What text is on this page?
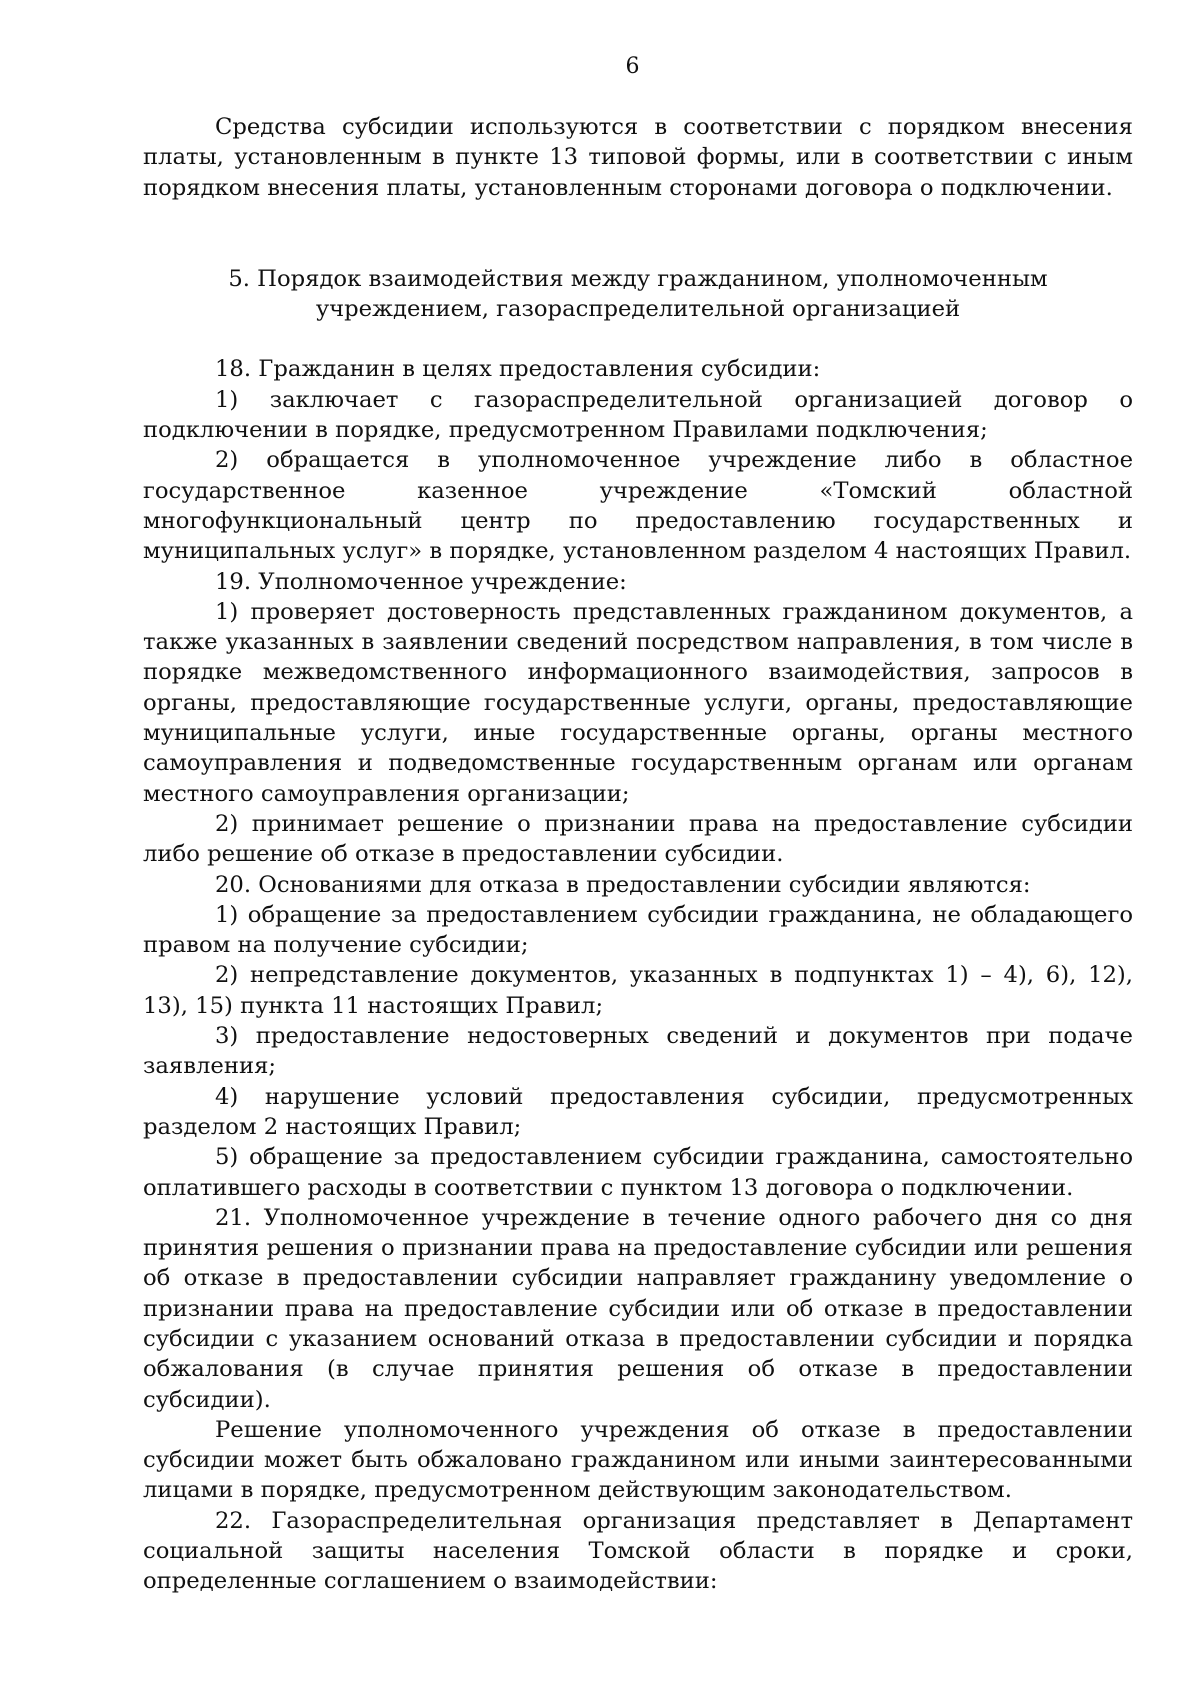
6

Средства субсидии используются в соответствии с порядком внесения платы, установленным в пункте 13 типовой формы, или в соответствии с иным порядком внесения платы, установленным сторонами договора о подключении.

5. Порядок взаимодействия между гражданином, уполномоченным
учреждением, газораспределительной организацией

18. Гражданин в целях предоставления субсидии:

1) заключает с газораспределительной организацией договор о подключении в порядке, предусмотренном Правилами подключения;

2) обращается в уполномоченное учреждение либо в областное государственное казенное учреждение «Томский областной многофункциональный центр по предоставлению государственных и муниципальных услуг» в порядке, установленном разделом 4 настоящих Правил.

19. Уполномоченное учреждение:

1) проверяет достоверность представленных гражданином документов, а также указанных в заявлении сведений посредством направления, в том числе в порядке межведомственного информационного взаимодействия, запросов в органы, предоставляющие государственные услуги, органы, предоставляющие муниципальные услуги, иные государственные органы, органы местного самоуправления и подведомственные государственным органам или органам местного самоуправления организации;

2) принимает решение о признании права на предоставление субсидии либо решение об отказе в предоставлении субсидии.

20. Основаниями для отказа в предоставлении субсидии являются:

1) обращение за предоставлением субсидии гражданина, не обладающего правом на получение субсидии;

2) непредставление документов, указанных в подпунктах 1) – 4), 6), 12), 13), 15) пункта 11 настоящих Правил;

3) предоставление недостоверных сведений и документов при подаче заявления;

4) нарушение условий предоставления субсидии, предусмотренных разделом 2 настоящих Правил;

5) обращение за предоставлением субсидии гражданина, самостоятельно оплатившего расходы в соответствии с пунктом 13 договора о подключении.

21. Уполномоченное учреждение в течение одного рабочего дня со дня принятия решения о признании права на предоставление субсидии или решения об отказе в предоставлении субсидии направляет гражданину уведомление о признании права на предоставление субсидии или об отказе в предоставлении субсидии с указанием оснований отказа в предоставлении субсидии и порядка обжалования (в случае принятия решения об отказе в предоставлении субсидии).

Решение уполномоченного учреждения об отказе в предоставлении субсидии может быть обжаловано гражданином или иными заинтересованными лицами в порядке, предусмотренном действующим законодательством.

22. Газораспределительная организация представляет в Департамент социальной защиты населения Томской области в порядке и сроки, определенные соглашением о взаимодействии:
